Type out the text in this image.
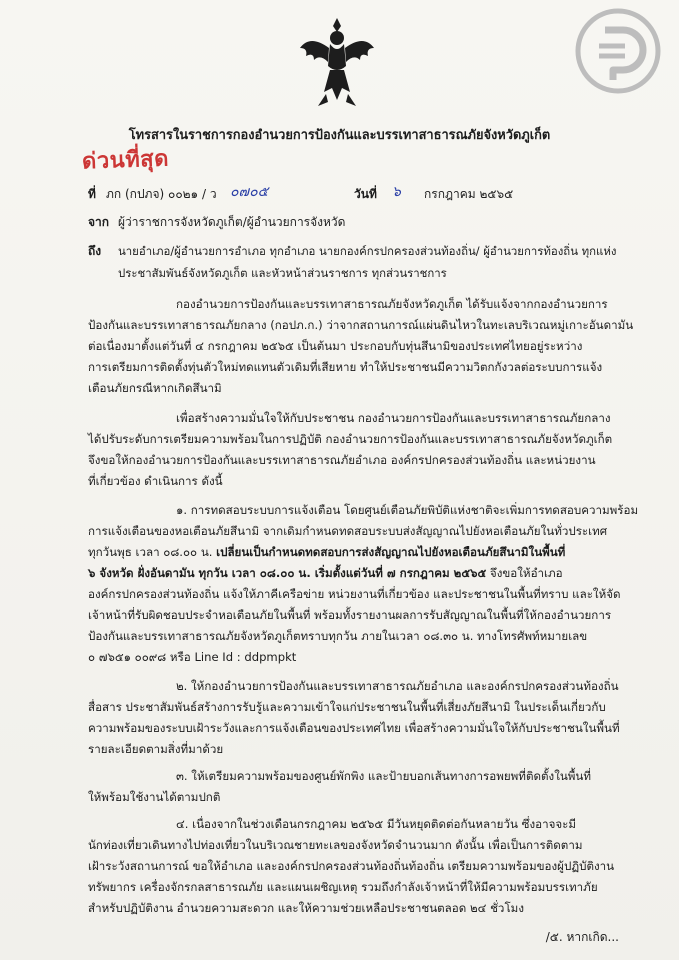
โทรสารในราชการกองอำนวยการป้องกันและบรรเทาสาธารณภัยจังหวัดภูเก็ต
ด่วนที่สุด
ที่ ภก (กปภจ) ๐๐๒๑ / ว ๐๗๐๕	วันที่ ๖ กรกฎาคม ๒๕๖๕
จาก ผู้ว่าราชการจังหวัดภูเก็ต/ผู้อำนวยการจังหวัด
ถึง นายอำเภอ/ผู้อำนวยการอำเภอ ทุกอำเภอ นายกองค์กรปกครองส่วนท้องถิ่น/ ผู้อำนวยการท้องถิ่น ทุกแห่ง
ประชาสัมพันธ์จังหวัดภูเก็ต และหัวหน้าส่วนราชการ ทุกส่วนราชการ
กองอำนวยการป้องกันและบรรเทาสาธารณภัยจังหวัดภูเก็ต ได้รับแจ้งจากกองอำนวยการ
ป้องกันและบรรเทาสาธารณภัยกลาง (กอปภ.ก.) ว่าจากสถานการณ์แผ่นดินไหวในทะเลบริเวณหมู่เกาะอันดามัน
ต่อเนื่องมาตั้งแต่วันที่ ๔ กรกฎาคม ๒๕๖๕ เป็นต้นมา ประกอบกับทุ่นสึนามิของประเทศไทยอยู่ระหว่าง
การเตรียมการติดตั้งทุ่นตัวใหม่ทดแทนตัวเดิมที่เสียหาย ทำให้ประชาชนมีความวิตกกังวลต่อระบบการแจ้ง
เตือนภัยกรณีหากเกิดสึนามิ
เพื่อสร้างความมั่นใจให้กับประชาชน กองอำนวยการป้องกันและบรรเทาสาธารณภัยกลาง
ได้ปรับระดับการเตรียมความพร้อมในการปฏิบัติ กองอำนวยการป้องกันและบรรเทาสาธารณภัยจังหวัดภูเก็ต
จึงขอให้กองอำนวยการป้องกันและบรรเทาสาธารณภัยอำเภอ องค์กรปกครองส่วนท้องถิ่น และหน่วยงาน
ที่เกี่ยวข้อง ดำเนินการ ดังนี้
๑. การทดสอบระบบการแจ้งเตือน โดยศูนย์เตือนภัยพิบัติแห่งชาติจะเพิ่มการทดสอบความพร้อม
การแจ้งเตือนของหอเตือนภัยสึนามิ จากเดิมกำหนดทดสอบระบบส่งสัญญาณไปยังหอเตือนภัยในทั่วประเทศ
ทุกวันพุธ เวลา ๐๘.๐๐ น. เปลี่ยนเป็นกำหนดทดสอบการส่งสัญญาณไปยังหอเตือนภัยสึนามิในพื้นที่
๖ จังหวัด ฝั่งอันดามัน ทุกวัน เวลา ๐๘.๐๐ น. เริ่มตั้งแต่วันที่ ๗ กรกฎาคม ๒๕๖๕ จึงขอให้อำเภอ
องค์กรปกครองส่วนท้องถิ่น แจ้งให้ภาคีเครือข่าย หน่วยงานที่เกี่ยวข้อง และประชาชนในพื้นที่ทราบ และให้จัด
เจ้าหน้าที่รับผิดชอบประจำหอเตือนภัยในพื้นที่ พร้อมทั้งรายงานผลการรับสัญญาณในพื้นที่ให้กองอำนวยการ
ป้องกันและบรรเทาสาธารณภัยจังหวัดภูเก็ตทราบทุกวัน ภายในเวลา ๐๘.๓๐ น. ทางโทรศัพท์หมายเลข
๐ ๗๖๕๑ ๐๐๙๘ หรือ Line Id : ddpmpkt
๒. ให้กองอำนวยการป้องกันและบรรเทาสาธารณภัยอำเภอ และองค์กรปกครองส่วนท้องถิ่น
สื่อสาร ประชาสัมพันธ์สร้างการรับรู้และความเข้าใจแก่ประชาชนในพื้นที่เสี่ยงภัยสึนามิ ในประเด็นเกี่ยวกับ
ความพร้อมของระบบเฝ้าระวังและการแจ้งเตือนของประเทศไทย เพื่อสร้างความมั่นใจให้กับประชาชนในพื้นที่
รายละเอียดตามสิ่งที่มาด้วย
๓. ให้เตรียมความพร้อมของศูนย์พักพิง และป้ายบอกเส้นทางการอพยพที่ติดตั้งในพื้นที่
ให้พร้อมใช้งานได้ตามปกติ
๔. เนื่องจากในช่วงเดือนกรกฎาคม ๒๕๖๕ มีวันหยุดติดต่อกันหลายวัน ซึ่งอาจจะมี
นักท่องเที่ยวเดินทางไปท่องเที่ยวในบริเวณชายทะเลของจังหวัดจำนวนมาก ดังนั้น เพื่อเป็นการติดตาม
เฝ้าระวังสถานการณ์ ขอให้อำเภอ และองค์กรปกครองส่วนท้องถิ่นท้องถิ่น เตรียมความพร้อมของผู้ปฏิบัติงาน
ทรัพยากร เครื่องจักรกลสาธารณภัย และแผนเผชิญเหตุ รวมถึงกำลังเจ้าหน้าที่ให้มีความพร้อมบรรเทาภัย
สำหรับปฏิบัติงาน อำนวยความสะดวก และให้ความช่วยเหลือประชาชนตลอด ๒๔ ชั่วโมง
/๕. หากเกิด...
